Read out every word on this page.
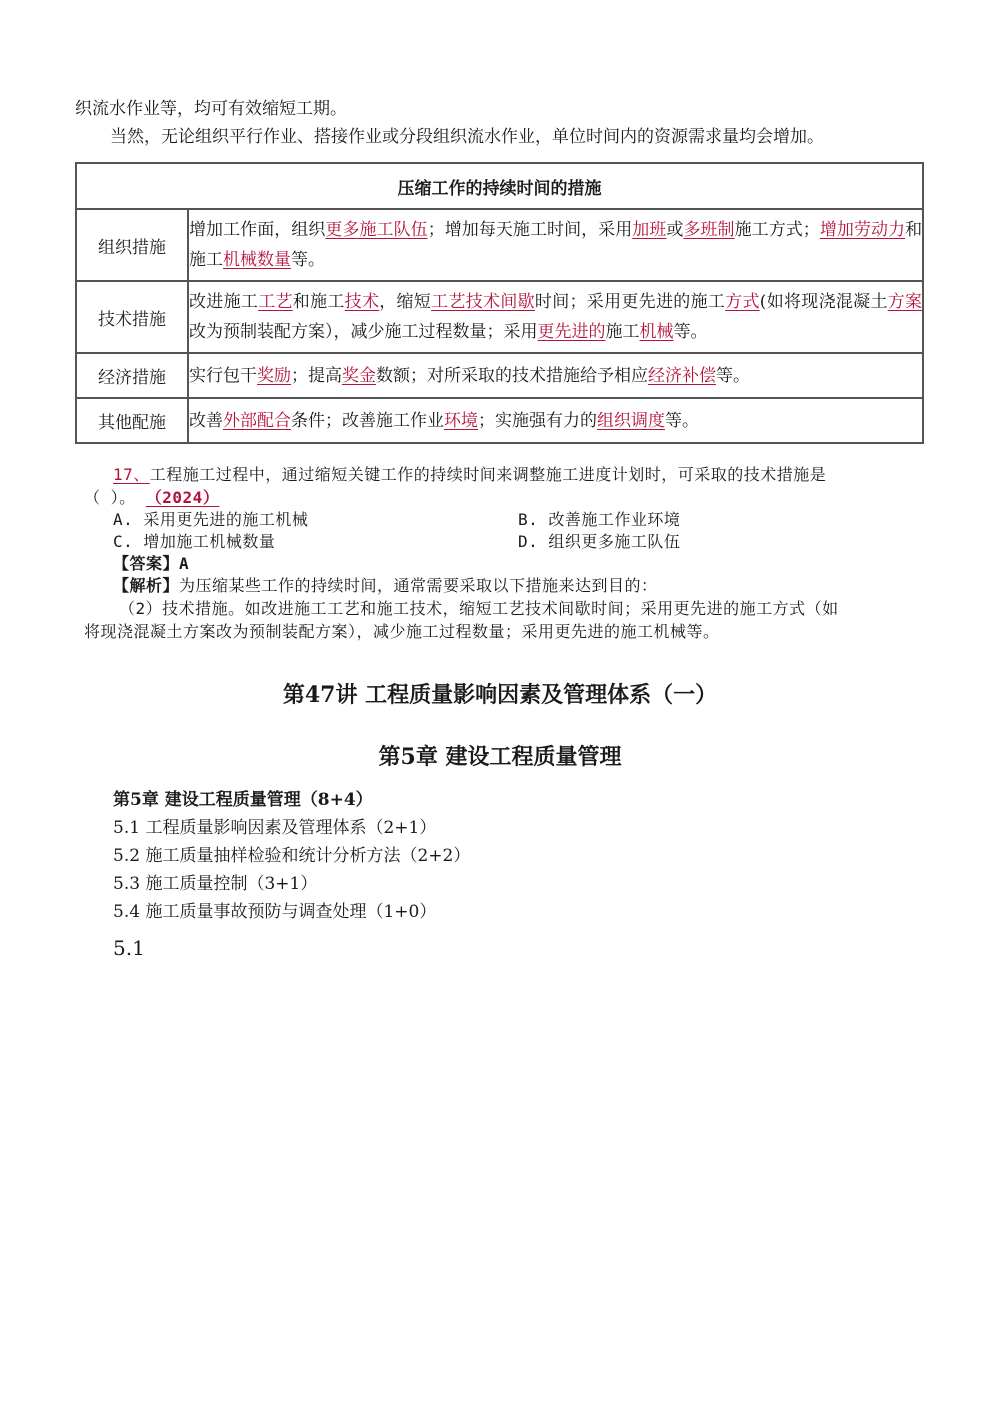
织流水作业等，均可有效缩短工期。
当然，无论组织平行作业、搭接作业或分段组织流水作业，单位时间内的资源需求量均会增加。
压缩工作的持续时间的措施	
组织措施	增加工作面，组织更多施工队伍；增加每天施工时间，采用加班或多班制施工方式；增加劳动力和施工机械数量等。
技术措施	改进施工工艺和施工技术，缩短工艺技术间歇时间；采用更先进的施工方式(如将现浇混凝土方案改为预制装配方案），减少施工过程数量；采用更先进的施工机械等。
经济措施	实行包干奖励；提高奖金数额；对所采取的技术措施给予相应经济补偿等。
其他配施	改善外部配合条件；改善施工作业环境；实施强有力的组织调度等。
17、工程施工过程中，通过缩短关键工作的持续时间来调整施工进度计划时，可采取的技术措施是
（ ）。 （2024）
A. 采用更先进的施工机械	B. 改善施工作业环境
C. 增加施工机械数量	D. 组织更多施工队伍
【答案】A
【解析】为压缩某些工作的持续时间，通常需要采取以下措施来达到目的：
（2）技术措施。如改进施工工艺和施工技术，缩短工艺技术间歇时间；采用更先进的施工方式（如
将现浇混凝土方案改为预制装配方案），减少施工过程数量；采用更先进的施工机械等。
第47讲 工程质量影响因素及管理体系（一）
第5章 建设工程质量管理
第5章 建设工程质量管理（8+4）
5.1 工程质量影响因素及管理体系（2+1）
5.2 施工质量抽样检验和统计分析方法（2+2）
5.3 施工质量控制（3+1）
5.4 施工质量事故预防与调查处理（1+0）
5.1
